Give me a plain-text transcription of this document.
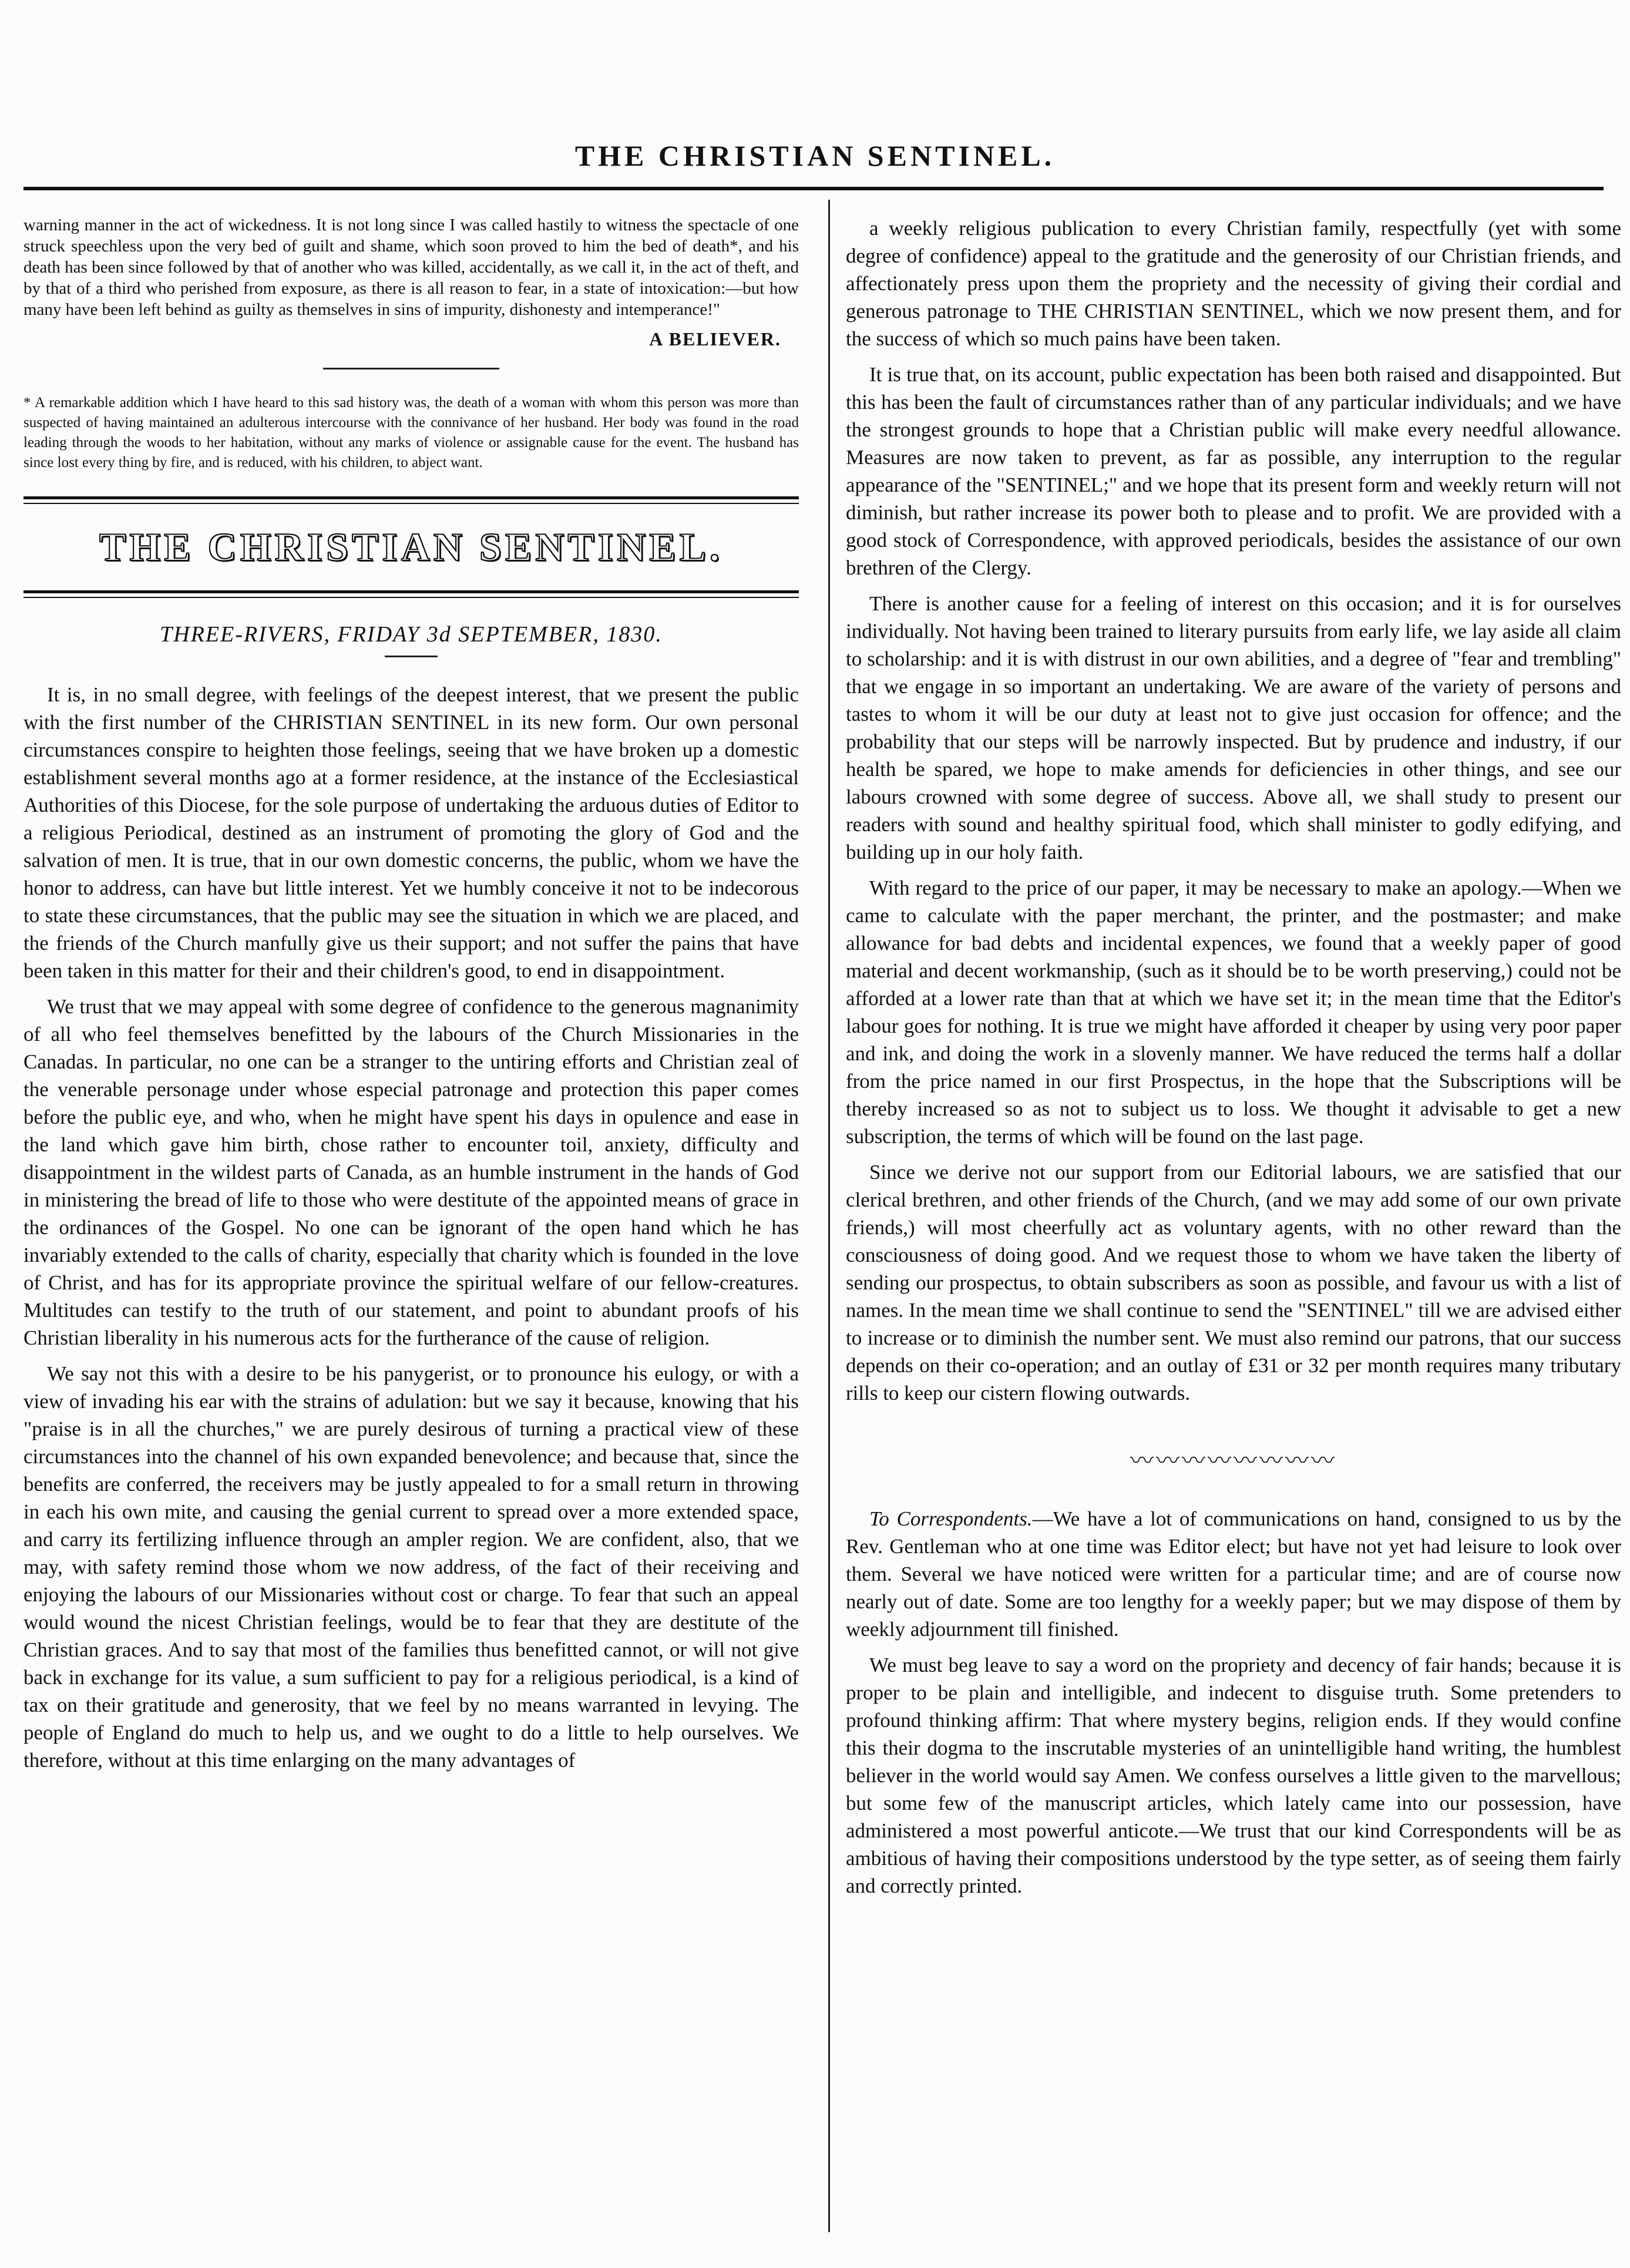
THE CHRISTIAN SENTINEL.

warning manner in the act of wickedness. It is not long since I was called hastily to witness the spectacle of one struck speechless upon the very bed of guilt and shame, which soon proved to him the bed of death*, and his death has been since followed by that of another who was killed, accidentally, as we call it, in the act of theft, and by that of a third who perished from exposure, as there is all reason to fear, in a state of intoxication:—but how many have been left behind as guilty as themselves in sins of impurity, dishonesty and intemperance!"

A BELIEVER.

* A remarkable addition which I have heard to this sad history was, the death of a woman with whom this person was more than suspected of having maintained an adulterous intercourse with the connivance of her husband. Her body was found in the road leading through the woods to her habitation, without any marks of violence or assignable cause for the event. The husband has since lost every thing by fire, and is reduced, with his children, to abject want.

THE CHRISTIAN SENTINEL.
THREE-RIVERS, FRIDAY 3d SEPTEMBER, 1830.

It is, in no small degree, with feelings of the deepest interest, that we present the public with the first number of the CHRISTIAN SENTINEL in its new form. Our own personal circumstances conspire to heighten those feelings, seeing that we have broken up a domestic establishment several months ago at a former residence, at the instance of the Ecclesiastical Authorities of this Diocese, for the sole purpose of undertaking the arduous duties of Editor to a religious Periodical, destined as an instrument of promoting the glory of God and the salvation of men. It is true, that in our own domestic concerns, the public, whom we have the honor to address, can have but little interest. Yet we humbly conceive it not to be indecorous to state these circumstances, that the public may see the situation in which we are placed, and the friends of the Church manfully give us their support; and not suffer the pains that have been taken in this matter for their and their children's good, to end in disappointment.

We trust that we may appeal with some degree of confidence to the generous magnanimity of all who feel themselves benefitted by the labours of the Church Missionaries in the Canadas. In particular, no one can be a stranger to the untiring efforts and Christian zeal of the venerable personage under whose especial patronage and protection this paper comes before the public eye, and who, when he might have spent his days in opulence and ease in the land which gave him birth, chose rather to encounter toil, anxiety, difficulty and disappointment in the wildest parts of Canada, as an humble instrument in the hands of God in ministering the bread of life to those who were destitute of the appointed means of grace in the ordinances of the Gospel. No one can be ignorant of the open hand which he has invariably extended to the calls of charity, especially that charity which is founded in the love of Christ, and has for its appropriate province the spiritual welfare of our fellow-creatures. Multitudes can testify to the truth of our statement, and point to abundant proofs of his Christian liberality in his numerous acts for the furtherance of the cause of religion.

We say not this with a desire to be his panygerist, or to pronounce his eulogy, or with a view of invading his ear with the strains of adulation: but we say it because, knowing that his "praise is in all the churches," we are purely desirous of turning a practical view of these circumstances into the channel of his own expanded benevolence; and because that, since the benefits are conferred, the receivers may be justly appealed to for a small return in throwing in each his own mite, and causing the genial current to spread over a more extended space, and carry its fertilizing influence through an ampler region. We are confident, also, that we may, with safety remind those whom we now address, of the fact of their receiving and enjoying the labours of our Missionaries without cost or charge. To fear that such an appeal would wound the nicest Christian feelings, would be to fear that they are destitute of the Christian graces. And to say that most of the families thus benefitted cannot, or will not give back in exchange for its value, a sum sufficient to pay for a religious periodical, is a kind of tax on their gratitude and generosity, that we feel by no means warranted in levying. The people of England do much to help us, and we ought to do a little to help ourselves. We therefore, without at this time enlarging on the many advantages of

a weekly religious publication to every Christian family, respectfully (yet with some degree of confidence) appeal to the gratitude and the generosity of our Christian friends, and affectionately press upon them the propriety and the necessity of giving their cordial and generous patronage to THE CHRISTIAN SENTINEL, which we now present them, and for the success of which so much pains have been taken.

It is true that, on its account, public expectation has been both raised and disappointed. But this has been the fault of circumstances rather than of any particular individuals; and we have the strongest grounds to hope that a Christian public will make every needful allowance. Measures are now taken to prevent, as far as possible, any interruption to the regular appearance of the "SENTINEL;" and we hope that its present form and weekly return will not diminish, but rather increase its power both to please and to profit. We are provided with a good stock of Correspondence, with approved periodicals, besides the assistance of our own brethren of the Clergy.

There is another cause for a feeling of interest on this occasion; and it is for ourselves individually. Not having been trained to literary pursuits from early life, we lay aside all claim to scholarship: and it is with distrust in our own abilities, and a degree of "fear and trembling" that we engage in so important an undertaking. We are aware of the variety of persons and tastes to whom it will be our duty at least not to give just occasion for offence; and the probability that our steps will be narrowly inspected. But by prudence and industry, if our health be spared, we hope to make amends for deficiencies in other things, and see our labours crowned with some degree of success. Above all, we shall study to present our readers with sound and healthy spiritual food, which shall minister to godly edifying, and building up in our holy faith.

With regard to the price of our paper, it may be necessary to make an apology.—When we came to calculate with the paper merchant, the printer, and the postmaster; and make allowance for bad debts and incidental expences, we found that a weekly paper of good material and decent workmanship, (such as it should be to be worth preserving,) could not be afforded at a lower rate than that at which we have set it; in the mean time that the Editor's labour goes for nothing. It is true we might have afforded it cheaper by using very poor paper and ink, and doing the work in a slovenly manner. We have reduced the terms half a dollar from the price named in our first Prospectus, in the hope that the Subscriptions will be thereby increased so as not to subject us to loss. We thought it advisable to get a new subscription, the terms of which will be found on the last page.

Since we derive not our support from our Editorial labours, we are satisfied that our clerical brethren, and other friends of the Church, (and we may add some of our own private friends,) will most cheerfully act as voluntary agents, with no other reward than the consciousness of doing good. And we request those to whom we have taken the liberty of sending our prospectus, to obtain subscribers as soon as possible, and favour us with a list of names. In the mean time we shall continue to send the "SENTINEL" till we are advised either to increase or to diminish the number sent. We must also remind our patrons, that our success depends on their co-operation; and an outlay of £31 or 32 per month requires many tributary rills to keep our cistern flowing outwards.

〰〰〰〰〰〰〰〰

To Correspondents.—We have a lot of communications on hand, consigned to us by the Rev. Gentleman who at one time was Editor elect; but have not yet had leisure to look over them. Several we have noticed were written for a particular time; and are of course now nearly out of date. Some are too lengthy for a weekly paper; but we may dispose of them by weekly adjournment till finished.

We must beg leave to say a word on the propriety and decency of fair hands; because it is proper to be plain and intelligible, and indecent to disguise truth. Some pretenders to profound thinking affirm: That where mystery begins, religion ends. If they would confine this their dogma to the inscrutable mysteries of an unintelligible hand writing, the humblest believer in the world would say Amen. We confess ourselves a little given to the marvellous; but some few of the manuscript articles, which lately came into our possession, have administered a most powerful anticote.—We trust that our kind Correspondents will be as ambitious of having their compositions understood by the type setter, as of seeing them fairly and correctly printed.
